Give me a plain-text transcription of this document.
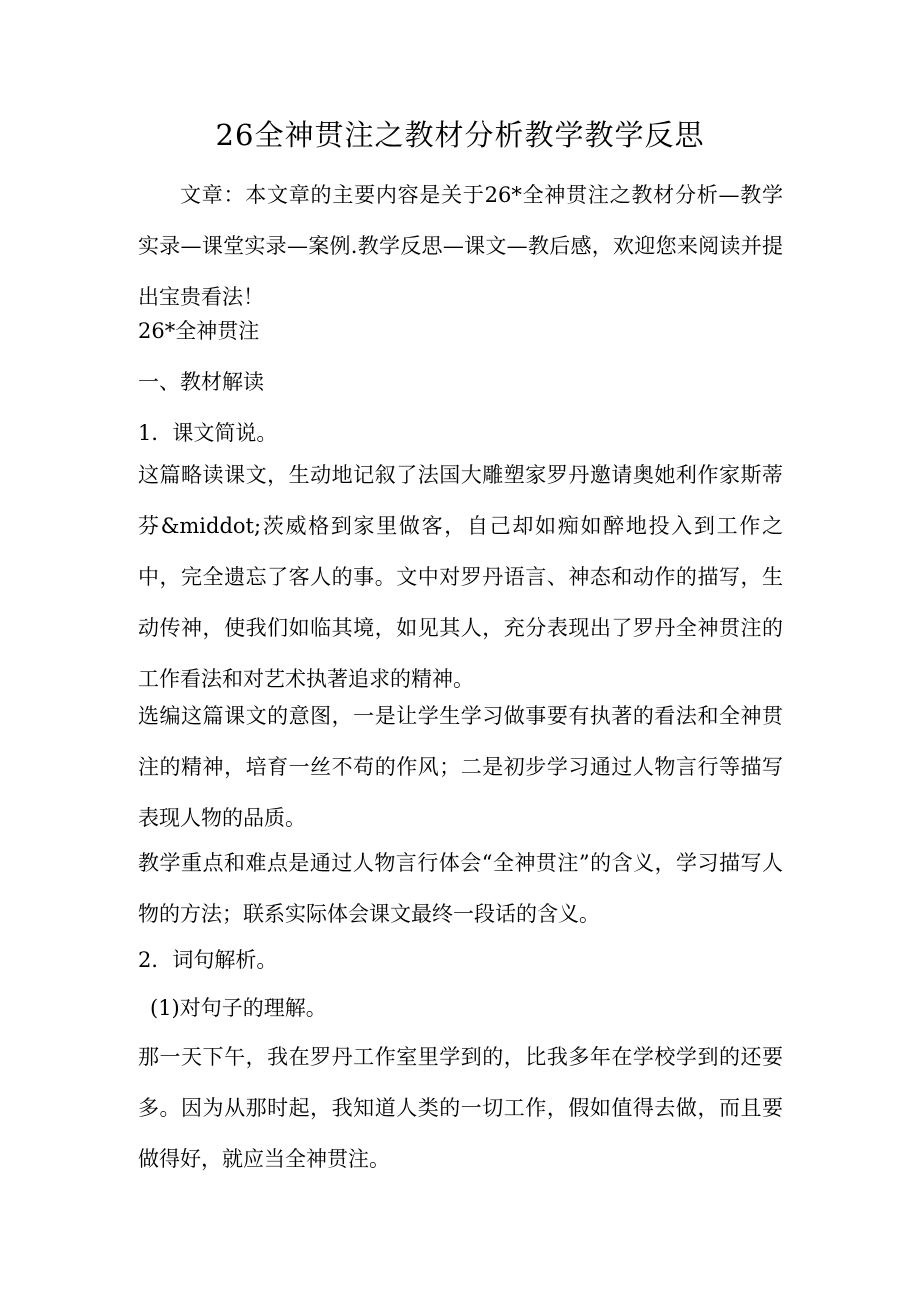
26全神贯注之教材分析教学教学反思

文章：本文章的主要内容是关于26*全神贯注之教材分析—教学实录—课堂实录—案例.教学反思—课文—教后感，欢迎您来阅读并提出宝贵看法！

26*全神贯注

一、教材解读

1．课文简说。

这篇略读课文，生动地记叙了法国大雕塑家罗丹邀请奥她利作家斯蒂芬&middot;茨威格到家里做客，自己却如痴如醉地投入到工作之中，完全遗忘了客人的事。文中对罗丹语言、神态和动作的描写，生动传神，使我们如临其境，如见其人，充分表现出了罗丹全神贯注的工作看法和对艺术执著追求的精神。

选编这篇课文的意图，一是让学生学习做事要有执著的看法和全神贯注的精神，培育一丝不苟的作风；二是初步学习通过人物言行等描写表现人物的品质。

教学重点和难点是通过人物言行体会“全神贯注”的含义，学习描写人物的方法；联系实际体会课文最终一段话的含义。

2．词句解析。

(1)对句子的理解。

那一天下午，我在罗丹工作室里学到的，比我多年在学校学到的还要多。因为从那时起，我知道人类的一切工作，假如值得去做，而且要做得好，就应当全神贯注。
